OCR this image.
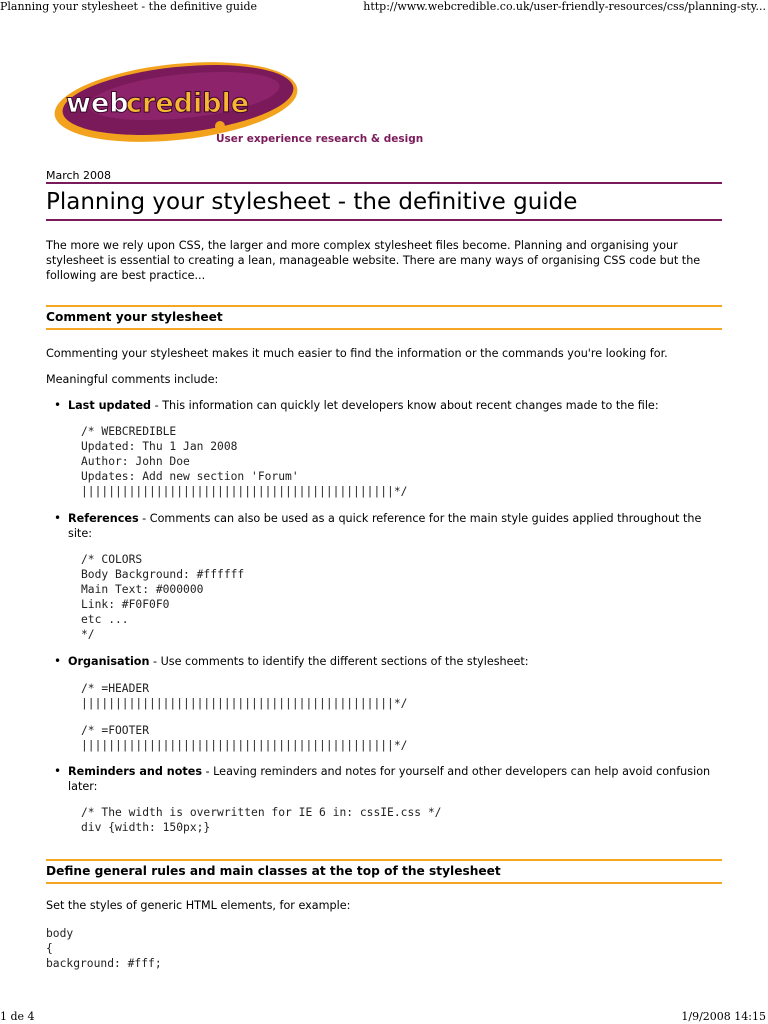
Planning your stylesheet - the definitive guide	http://www.webcredible.co.uk/user-friendly-resources/css/planning-sty...
web
credible
User experience research & design
March 2008
Planning your stylesheet - the definitive guide
The more we rely upon CSS, the larger and more complex stylesheet files become. Planning and organising your stylesheet is essential to creating a lean, manageable website. There are many ways of organising CSS code but the following are best practice...
Comment your stylesheet
Commenting your stylesheet makes it much easier to find the information or the commands you're looking for.
Meaningful comments include:
• Last updated - This information can quickly let developers know about recent changes made to the file:
/* WEBCREDIBLE
Updated: Thu 1 Jan 2008
Author: John Doe
Updates: Add new section 'Forum'
||||||||||||||||||||||||||||||||||||||||||||||*/
• References - Comments can also be used as a quick reference for the main style guides applied throughout the site:
/* COLORS
Body Background: #ffffff
Main Text: #000000
Link: #F0F0F0
etc ...
*/
• Organisation - Use comments to identify the different sections of the stylesheet:
/* =HEADER
||||||||||||||||||||||||||||||||||||||||||||||*/
/* =FOOTER
||||||||||||||||||||||||||||||||||||||||||||||*/
• Reminders and notes - Leaving reminders and notes for yourself and other developers can help avoid confusion later:
/* The width is overwritten for IE 6 in: cssIE.css */
div {width: 150px;}
Define general rules and main classes at the top of the stylesheet
Set the styles of generic HTML elements, for example:
body
{
background: #fff;
1 de 4	1/9/2008 14:15
